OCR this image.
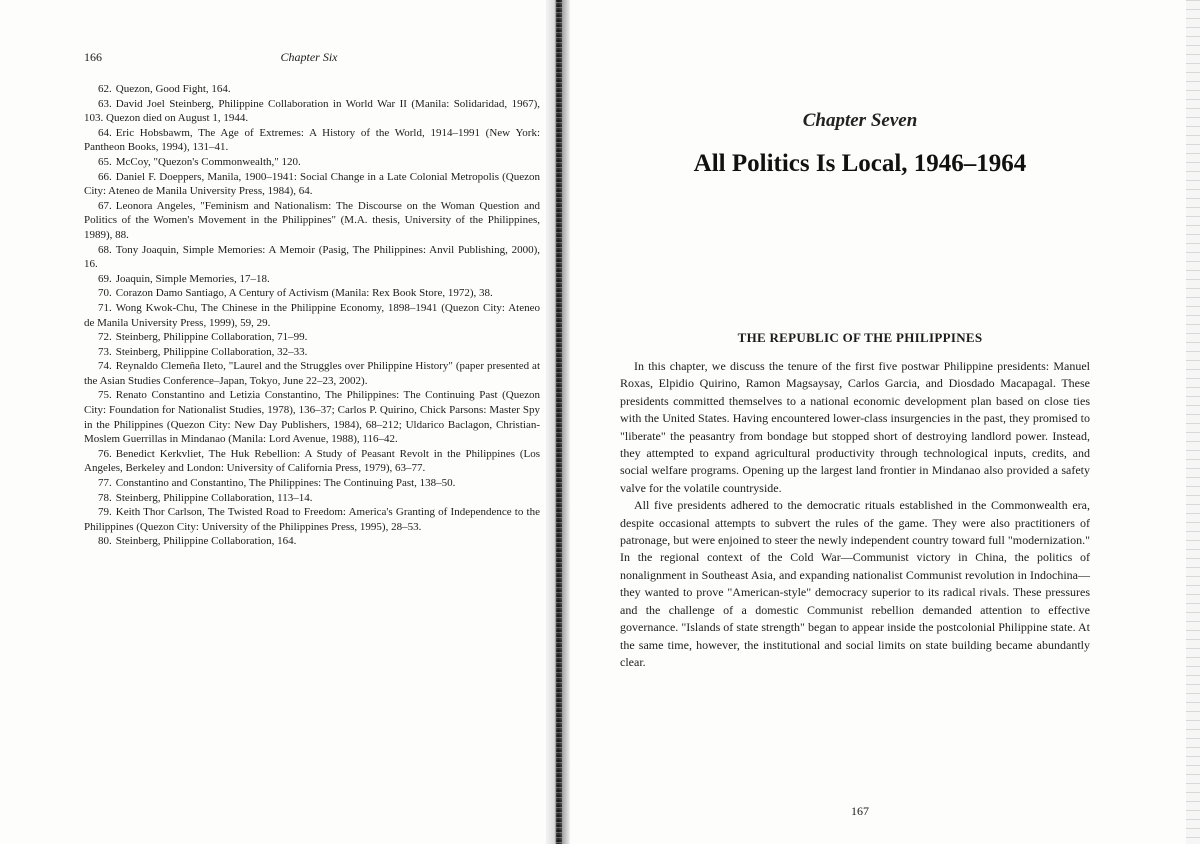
166	Chapter Six
62. Quezon, Good Fight, 164.
63. David Joel Steinberg, Philippine Collaboration in World War II (Manila: Solidaridad, 1967), 103. Quezon died on August 1, 1944.
64. Eric Hobsbawm, The Age of Extremes: A History of the World, 1914–1991 (New York: Pantheon Books, 1994), 131–41.
65. McCoy, "Quezon's Commonwealth," 120.
66. Daniel F. Doeppers, Manila, 1900–1941: Social Change in a Late Colonial Metropolis (Quezon City: Ateneo de Manila University Press, 1984), 64.
67. Leonora Angeles, "Feminism and Nationalism: The Discourse on the Woman Question and Politics of the Women's Movement in the Philippines" (M.A. thesis, University of the Philippines, 1989), 88.
68. Tony Joaquin, Simple Memories: A Memoir (Pasig, The Philippines: Anvil Publishing, 2000), 16.
69. Joaquin, Simple Memories, 17–18.
70. Corazon Damo Santiago, A Century of Activism (Manila: Rex Book Store, 1972), 38.
71. Wong Kwok-Chu, The Chinese in the Philippine Economy, 1898–1941 (Quezon City: Ateneo de Manila University Press, 1999), 59, 29.
72. Steinberg, Philippine Collaboration, 71–99.
73. Steinberg, Philippine Collaboration, 32–33.
74. Reynaldo Clemeña Ileto, "Laurel and the Struggles over Philippine History" (paper presented at the Asian Studies Conference–Japan, Tokyo, June 22–23, 2002).
75. Renato Constantino and Letizia Constantino, The Philippines: The Continuing Past (Quezon City: Foundation for Nationalist Studies, 1978), 136–37; Carlos P. Quirino, Chick Parsons: Master Spy in the Philippines (Quezon City: New Day Publishers, 1984), 68–212; Uldarico Baclagon, Christian-Moslem Guerrillas in Mindanao (Manila: Lord Avenue, 1988), 116–42.
76. Benedict Kerkvliet, The Huk Rebellion: A Study of Peasant Revolt in the Philippines (Los Angeles, Berkeley and London: University of California Press, 1979), 63–77.
77. Constantino and Constantino, The Philippines: The Continuing Past, 138–50.
78. Steinberg, Philippine Collaboration, 113–14.
79. Keith Thor Carlson, The Twisted Road to Freedom: America's Granting of Independence to the Philippines (Quezon City: University of the Philippines Press, 1995), 28–53.
80. Steinberg, Philippine Collaboration, 164.
Chapter Seven
All Politics Is Local, 1946–1964
THE REPUBLIC OF THE PHILIPPINES

In this chapter, we discuss the tenure of the first five postwar Philippine presidents: Manuel Roxas, Elpidio Quirino, Ramon Magsaysay, Carlos Garcia, and Diosdado Macapagal. These presidents committed themselves to a national economic development plan based on close ties with the United States. Having encountered lower-class insurgencies in the past, they promised to "liberate" the peasantry from bondage but stopped short of destroying landlord power. Instead, they attempted to expand agricultural productivity through technological inputs, credits, and social welfare programs. Opening up the largest land frontier in Mindanao also provided a safety valve for the volatile countryside.

All five presidents adhered to the democratic rituals established in the Commonwealth era, despite occasional attempts to subvert the rules of the game. They were also practitioners of patronage, but were enjoined to steer the newly independent country toward full "modernization." In the regional context of the Cold War—Communist victory in China, the politics of nonalignment in Southeast Asia, and expanding nationalist Communist revolution in Indochina—they wanted to prove "American-style" democracy superior to its radical rivals. These pressures and the challenge of a domestic Communist rebellion demanded attention to effective governance. "Islands of state strength" began to appear inside the postcolonial Philippine state. At the same time, however, the institutional and social limits on state building became abundantly clear.

167
